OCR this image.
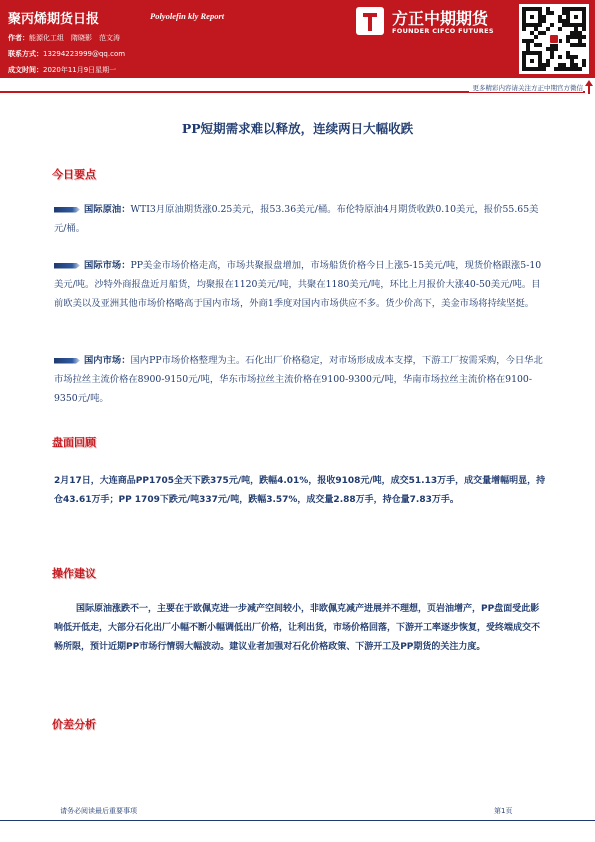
聚丙烯期货日报	Polyolefin kly Report
作者：能源化工组　隋晓影　范文涛
联系方式：13294223999@qq.com
成文时间：2020年11月9日星期一
方正中期期货
FOUNDER CIFCO FUTURES
更多精彩内容请关注方正中期官方微信
PP短期需求难以释放，连续两日大幅收跌
今日要点
国际原油：WTI3月原油期货涨0.25美元，报53.36美元/桶。布伦特原油4月期货收跌0.10美元，报价55.65美元/桶。
国际市场：PP美金市场价格走高，市场共聚报盘增加，市场船货价格今日上涨5-15美元/吨，现货价格跟涨5-10美元/吨。沙特外商报盘近月船货，均聚报在1120美元/吨，共聚在1180美元/吨，环比上月报价大涨40-50美元/吨。目前欧美以及亚洲其他市场价格略高于国内市场，外商1季度对国内市场供应不多。货少价高下，美金市场将持续坚挺。
国内市场：国内PP市场价格整理为主。石化出厂价格稳定，对市场形成成本支撑，下游工厂按需采购，今日华北市场拉丝主流价格在8900-9150元/吨，华东市场拉丝主流价格在9100-9300元/吨，华南市场拉丝主流价格在9100-9350元/吨。
盘面回顾
2月17日，大连商品PP1705全天下跌375元/吨，跌幅4.01%，报收9108元/吨，成交51.13万手，成交量增幅明显，持仓43.61万手；PP 1709下跌元/吨337元/吨，跌幅3.57%，成交量2.88万手，持仓量7.83万手。
操作建议
国际原油涨跌不一，主要在于欧佩克进一步减产空间较小，非欧佩克减产进展并不理想，页岩油增产，PP盘面受此影响低开低走，大部分石化出厂小幅不断小幅调低出厂价格，让利出货，市场价格回落，下游开工率逐步恢复，受终端成交不畅所限，预计近期PP市场行情弱大幅波动。建议业者加强对石化价格政策、下游开工及PP期货的关注力度。
价差分析
请务必阅读最后重要事项	第1页
